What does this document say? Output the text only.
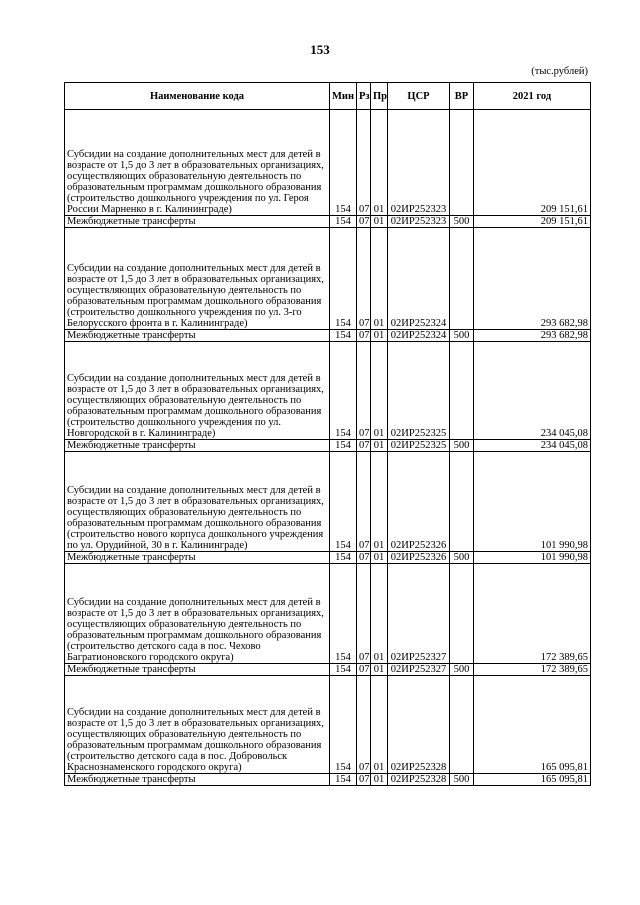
153
(тыс.рублей)
Наименование кода	Мин	Рз	Пр	ЦСР	ВР	2021 год
Субсидии на создание дополнительных мест для детей в возрасте от 1,5 до 3 лет в образовательных организациях, осуществляющих образовательную деятельность по образовательным программам дошкольного образования (строительство дошкольного учреждения по ул. Героя России Марненко в г. Калининграде)	154	07	01	02ИР252323		209 151,61
Межбюджетные трансферты	154	07	01	02ИР252323	500	209 151,61
Субсидии на создание дополнительных мест для детей в возрасте от 1,5 до 3 лет в образовательных организациях, осуществляющих образовательную деятельность по образовательным программам дошкольного образования (строительство дошкольного учреждения по ул. 3-го Белорусского фронта в г. Калининграде)	154	07	01	02ИР252324		293 682,98
Межбюджетные трансферты	154	07	01	02ИР252324	500	293 682,98
Субсидии на создание дополнительных мест для детей в возрасте от 1,5 до 3 лет в образовательных организациях, осуществляющих образовательную деятельность по образовательным программам дошкольного образования (строительство дошкольного учреждения по ул. Новгородской в г. Калининграде)	154	07	01	02ИР252325		234 045,08
Межбюджетные трансферты	154	07	01	02ИР252325	500	234 045,08
Субсидии на создание дополнительных мест для детей в возрасте от 1,5 до 3 лет в образовательных организациях, осуществляющих образовательную деятельность по образовательным программам дошкольного образования (строительство нового корпуса дошкольного учреждения по ул. Орудийной, 30 в г. Калининграде)	154	07	01	02ИР252326		101 990,98
Межбюджетные трансферты	154	07	01	02ИР252326	500	101 990,98
Субсидии на создание дополнительных мест для детей в возрасте от 1,5 до 3 лет в образовательных организациях, осуществляющих образовательную деятельность по образовательным программам дошкольного образования (строительство детского сада в пос. Чехово Багратионовского городского округа)	154	07	01	02ИР252327		172 389,65
Межбюджетные трансферты	154	07	01	02ИР252327	500	172 389,65
Субсидии на создание дополнительных мест для детей в возрасте от 1,5 до 3 лет в образовательных организациях, осуществляющих образовательную деятельность по образовательным программам дошкольного образования (строительство детского сада в пос. Добровольск Краснознаменского городского округа)	154	07	01	02ИР252328		165 095,81
Межбюджетные трансферты	154	07	01	02ИР252328	500	165 095,81
